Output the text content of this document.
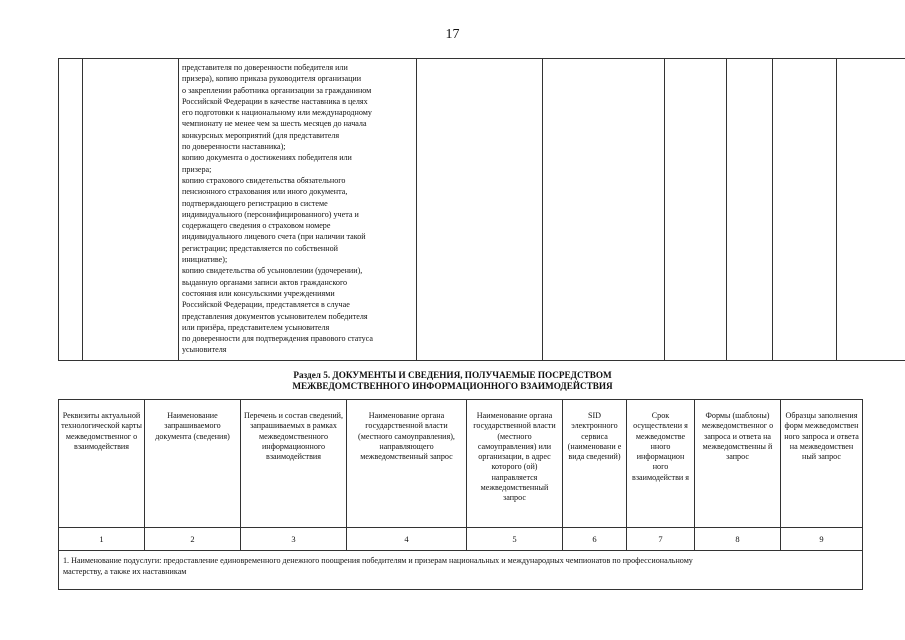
17

представителя по доверенности победителя или
призера), копию приказа руководителя организации
о закреплении работника организации за гражданином
Российской Федерации в качестве наставника в целях
его подготовки к национальному или международному
чемпионату не менее чем за шесть месяцев до начала
конкурсных мероприятий (для представителя
по доверенности наставника);
копию документа о достижениях победителя или
призера;
копию страхового свидетельства обязательного
пенсионного страхования или иного документа,
подтверждающего регистрацию в системе
индивидуального (персонифицированного) учета и
содержащего сведения о страховом номере
индивидуального лицевого счета (при наличии такой
регистрации; представляется по собственной
инициативе);
копию свидетельства об усыновлении (удочерении),
выданную органами записи актов гражданского
состояния или консульскими учреждениями
Российской Федерации, представляется в случае
представления документов усыновителем победителя
или призёра, представителем усыновителя
по доверенности для подтверждения правового статуса
усыновителя

Раздел 5. ДОКУМЕНТЫ И СВЕДЕНИЯ, ПОЛУЧАЕМЫЕ ПОСРЕДСТВОМ
МЕЖВЕДОМСТВЕННОГО ИНФОРМАЦИОННОГО ВЗАИМОДЕЙСТВИЯ
Реквизиты актуальной технологической карты межведомственног о взаимодействия	Наименование запрашиваемого документа (сведения)	Перечень и состав сведений, запрашиваемых в рамках межведомственного информационного взаимодействия	Наименование органа государственной власти (местного самоуправления), направляющего межведомственный запрос	Наименование органа государственной власти (местного самоуправления) или организации, в адрес которого (ой) направляется межведомственный запрос	SID электронного сервиса (наименовани е вида сведений)	Срок осуществлени я межведомстве нного информацион ного взаимодействи я	Формы (шаблоны) межведомственног о запроса и ответа на межведомственны й запрос	Образцы заполнения форм межведомствен ного запроса и ответа на межведомствен ный запрос
1	2	3	4	5	6	7	8	9

1. Наименование подуслуги: предоставление единовременного денежного поощрения победителям и призерам национальных и международных чемпионатов по профессиональному
мастерству, а также их наставникам								
